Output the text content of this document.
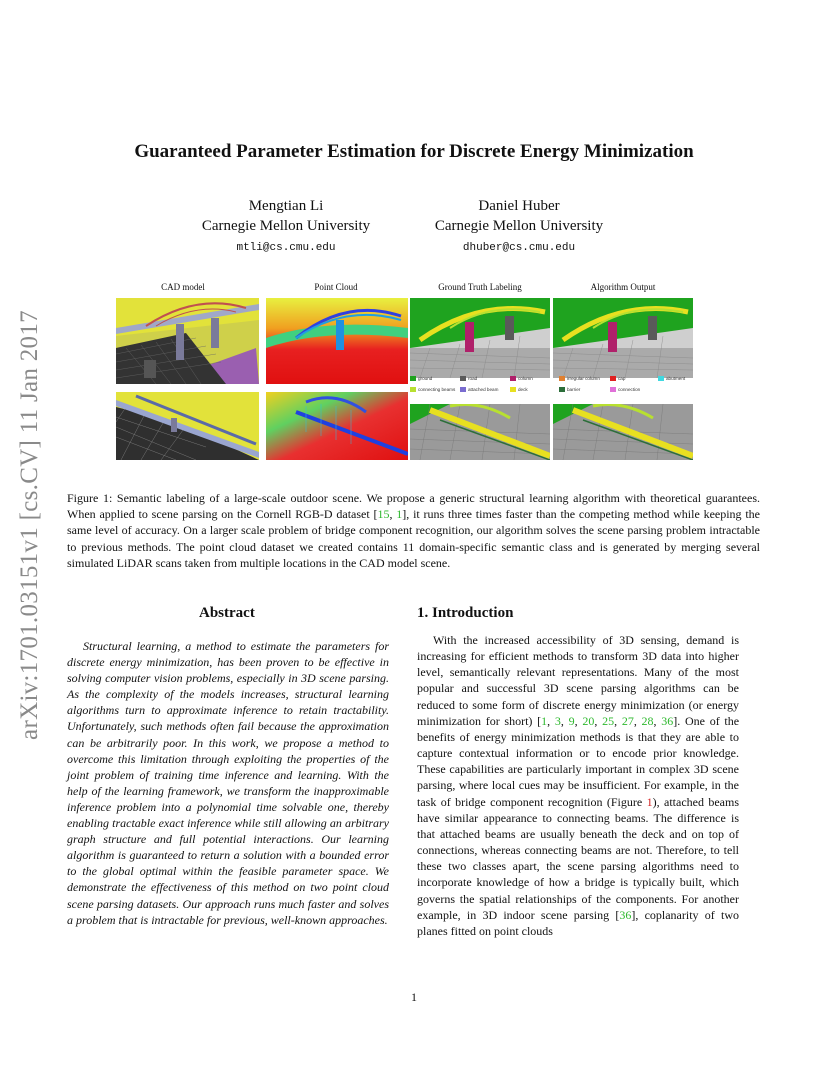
arXiv:1701.03151v1 [cs.CV] 11 Jan 2017
Guaranteed Parameter Estimation for Discrete Energy Minimization
Mengtian Li
Carnegie Mellon University
mtli@cs.cmu.edu
Daniel Huber
Carnegie Mellon University
dhuber@cs.cmu.edu
CAD model	Point Cloud	Ground Truth Labeling	Algorithm Output
ground	road	column	irregular column	cap	abutment
connecting beams	attached beam	deck	barrier	connection
Figure 1: Semantic labeling of a large-scale outdoor scene. We propose a generic structural learning algorithm with theoretical guarantees. When applied to scene parsing on the Cornell RGB-D dataset [15, 1], it runs three times faster than the competing method while keeping the same level of accuracy. On a larger scale problem of bridge component recognition, our algorithm solves the scene parsing problem intractable to previous methods. The point cloud dataset we created contains 11 domain-specific semantic class and is generated by merging several simulated LiDAR scans taken from multiple locations in the CAD model scene.
Abstract
Structural learning, a method to estimate the parameters for discrete energy minimization, has been proven to be effective in solving computer vision problems, especially in 3D scene parsing. As the complexity of the models increases, structural learning algorithms turn to approximate inference to retain tractability. Unfortunately, such methods often fail because the approximation can be arbitrarily poor. In this work, we propose a method to overcome this limitation through exploiting the properties of the joint problem of training time inference and learning. With the help of the learning framework, we transform the inapproximable inference problem into a polynomial time solvable one, thereby enabling tractable exact inference while still allowing an arbitrary graph structure and full potential interactions. Our learning algorithm is guaranteed to return a solution with a bounded error to the global optimal within the feasible parameter space. We demonstrate the effectiveness of this method on two point cloud scene parsing datasets. Our approach runs much faster and solves a problem that is intractable for previous, well-known approaches.
1. Introduction
With the increased accessibility of 3D sensing, demand is increasing for efficient methods to transform 3D data into higher level, semantically relevant representations. Many of the most popular and successful 3D scene parsing algorithms can be reduced to some form of discrete energy minimization (or energy minimization for short) [1, 3, 9, 20, 25, 27, 28, 36]. One of the benefits of energy minimization methods is that they are able to capture contextual information or to encode prior knowledge. These capabilities are particularly important in complex 3D scene parsing, where local cues may be insufficient. For example, in the task of bridge component recognition (Figure 1), attached beams have similar appearance to connecting beams. The difference is that attached beams are usually beneath the deck and on top of connections, whereas connecting beams are not. Therefore, to tell these two classes apart, the scene parsing algorithms need to incorporate knowledge of how a bridge is typically built, which governs the spatial relationships of the components. For another example, in 3D indoor scene parsing [36], coplanarity of two planes fitted on point clouds
1
